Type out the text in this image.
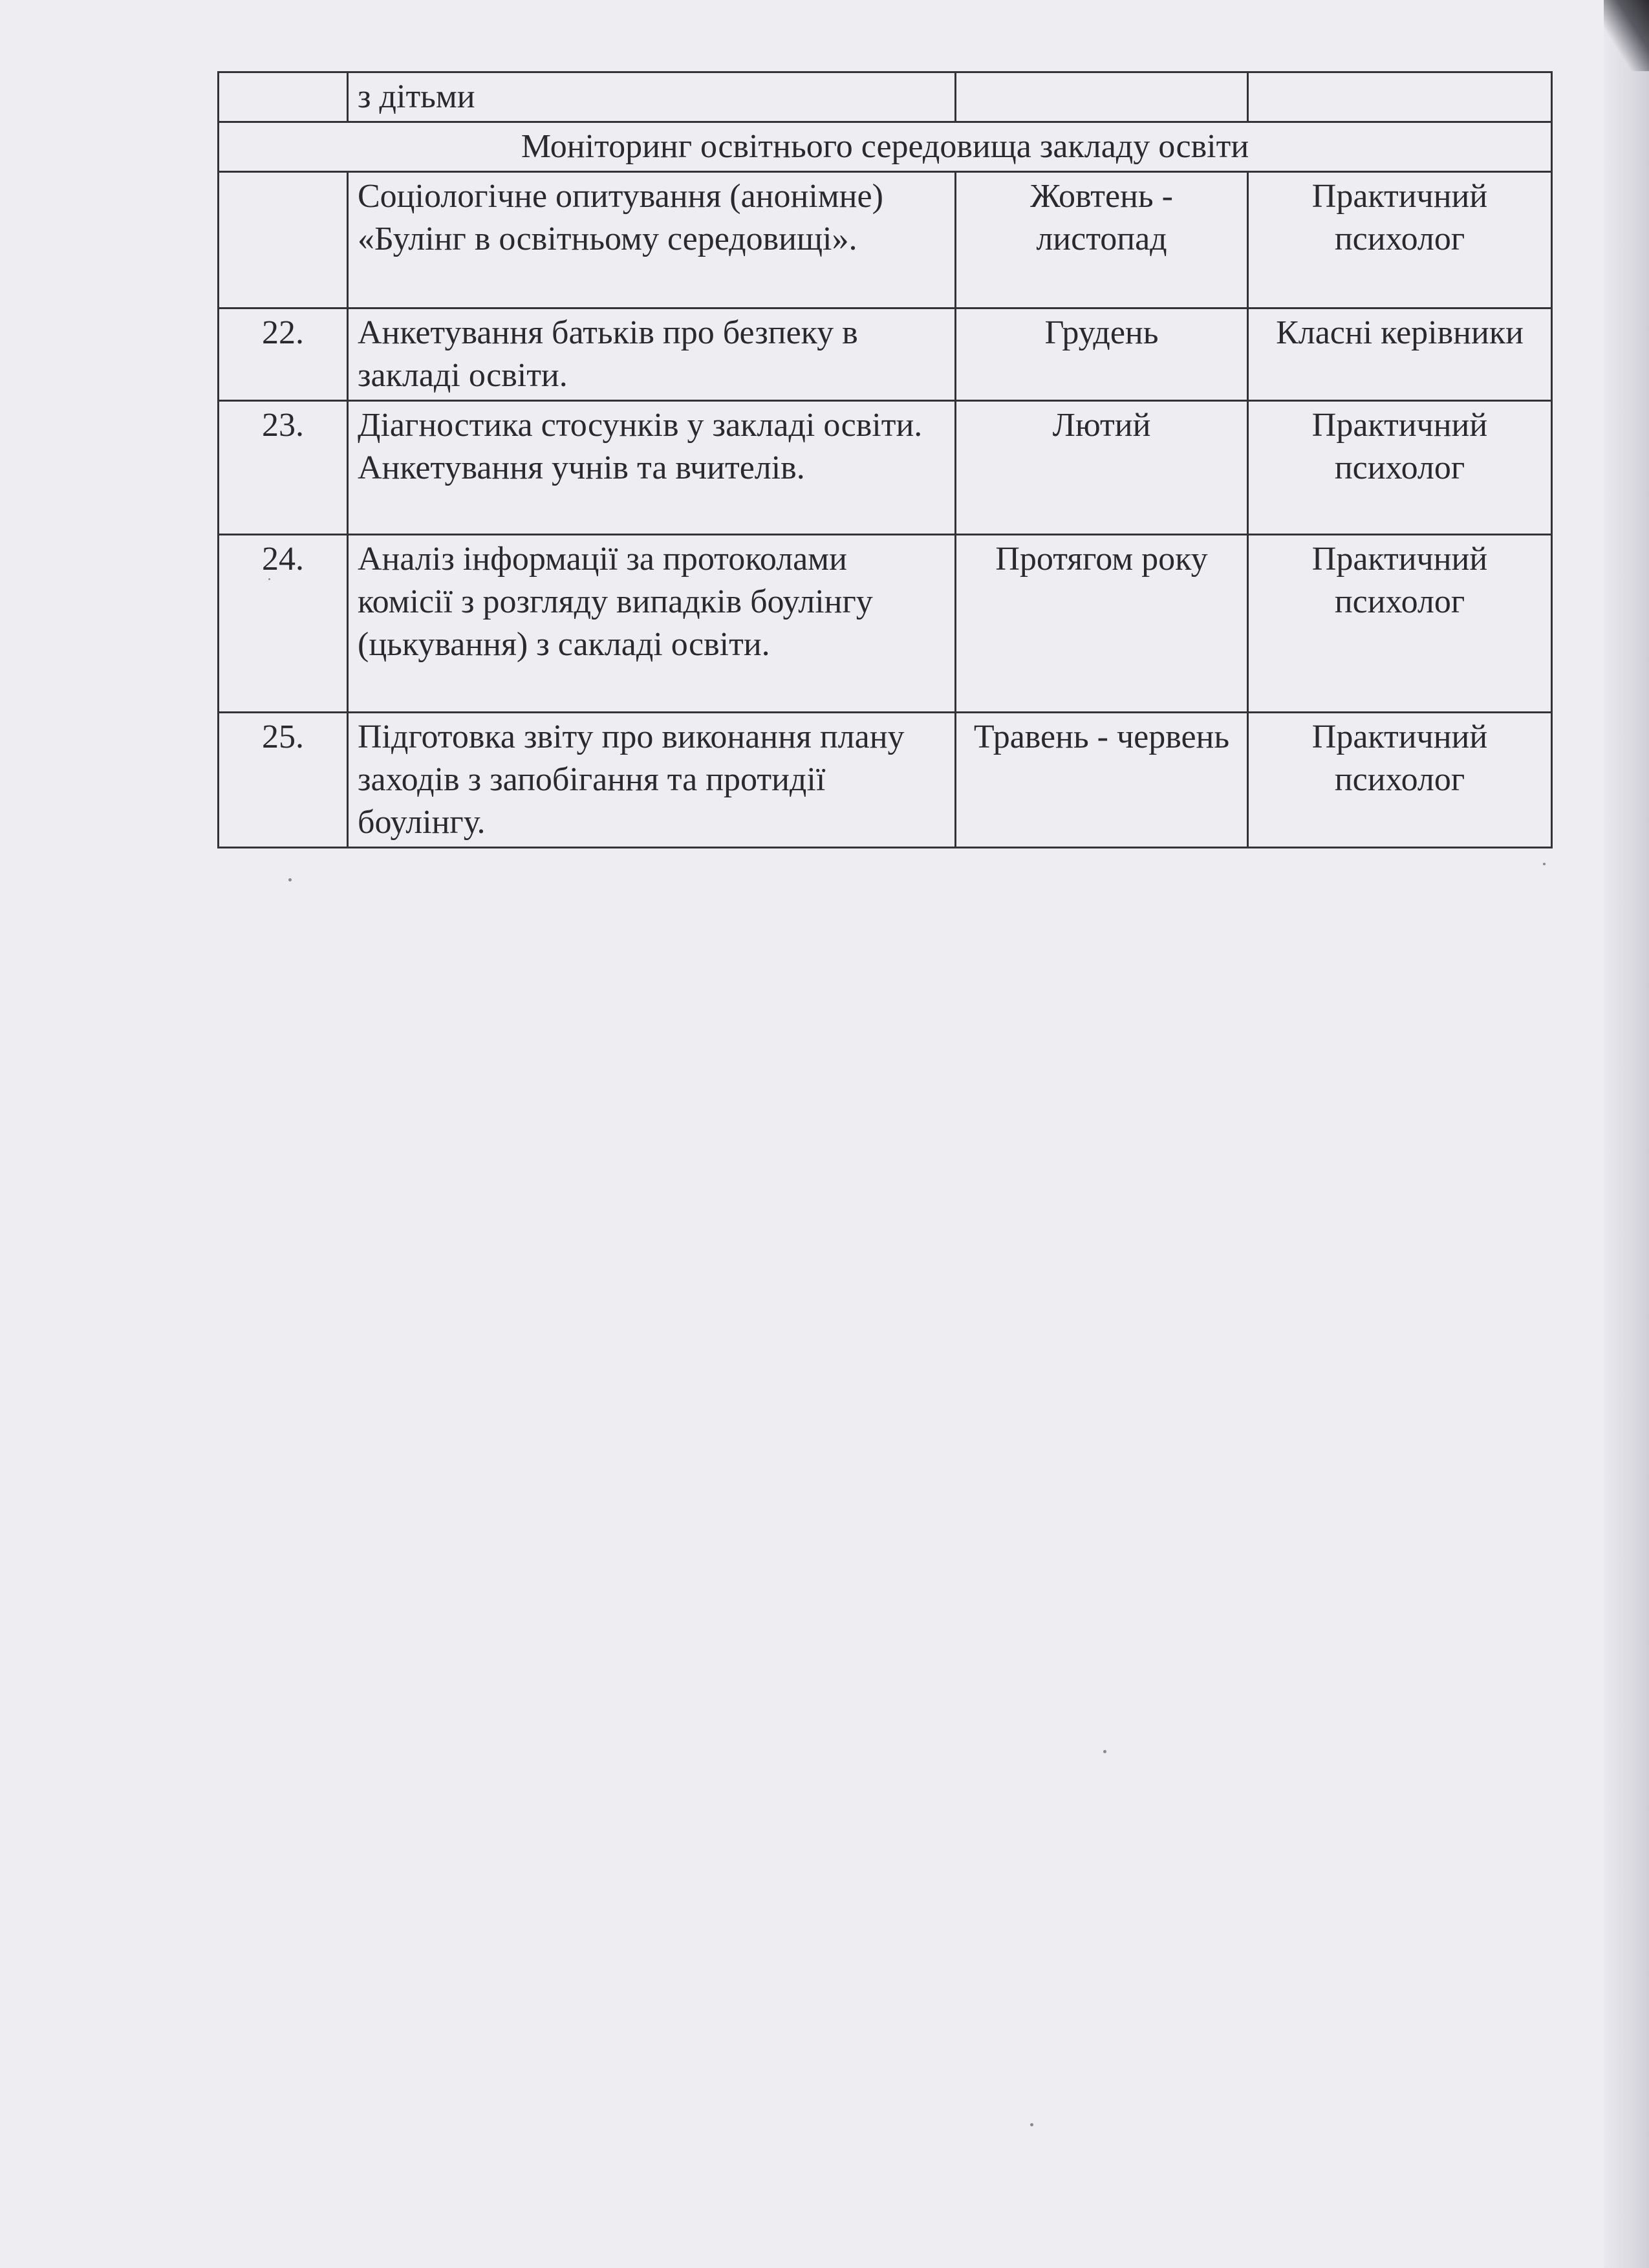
	з дітьми		
Моніторинг освітнього середовища закладу освіти			
	Соціологічне опитування (анонімне) «Булінг в освітньому середовищі».	Жовтень - листопад	Практичний психолог
22.	Анкетування батьків про безпеку в закладі освіти.	Грудень	Класні керівники
23.	Діагностика стосунків у закладі освіти. Анкетування учнів та вчителів.	Лютий	Практичний психолог
24.	Аналіз інформації за протоколами комісії з розгляду випадків боулінгу (цькування) з сакладі освіти.	Протягом року	Практичний психолог
25.	Підготовка звіту про виконання плану заходів з запобігання та протидії боулінгу.	Травень - червень	Практичний психолог
